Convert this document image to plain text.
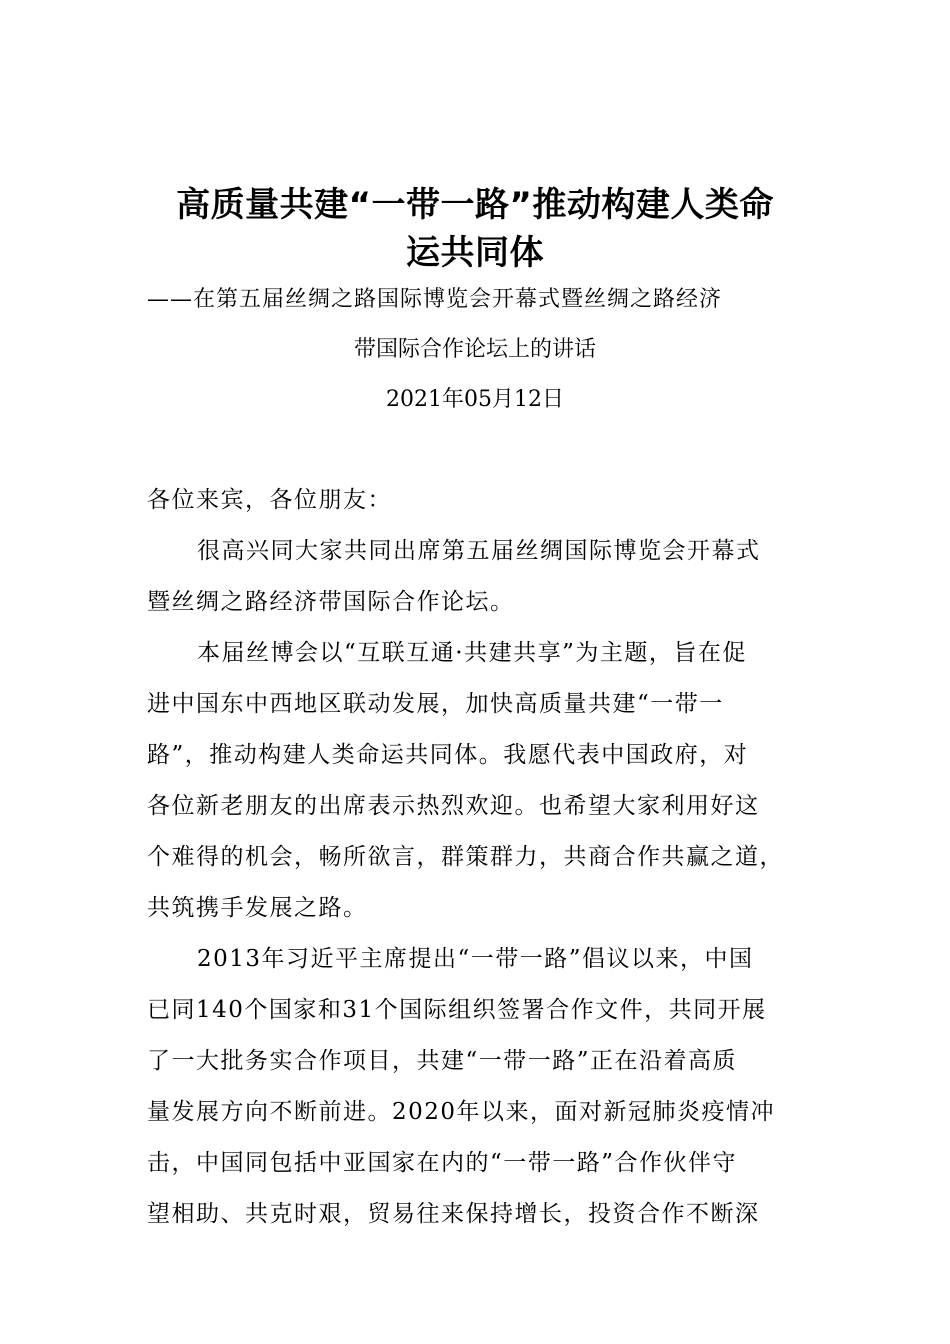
高质量共建“一带一路”推动构建人类命
运共同体
——在第五届丝绸之路国际博览会开幕式暨丝绸之路经济
带国际合作论坛上的讲话
2021年05月12日
各位来宾，各位朋友：
很高兴同大家共同出席第五届丝绸国际博览会开幕式
暨丝绸之路经济带国际合作论坛。
本届丝博会以“互联互通·共建共享”为主题，旨在促
进中国东中西地区联动发展，加快高质量共建“一带一
路”，推动构建人类命运共同体。我愿代表中国政府，对
各位新老朋友的出席表示热烈欢迎。也希望大家利用好这
个难得的机会，畅所欲言，群策群力，共商合作共赢之道，
共筑携手发展之路。
2013年习近平主席提出“一带一路”倡议以来，中国
已同140个国家和31个国际组织签署合作文件，共同开展
了一大批务实合作项目，共建“一带一路”正在沿着高质
量发展方向不断前进。2020年以来，面对新冠肺炎疫情冲
击，中国同包括中亚国家在内的“一带一路”合作伙伴守
望相助、共克时艰，贸易往来保持增长，投资合作不断深
